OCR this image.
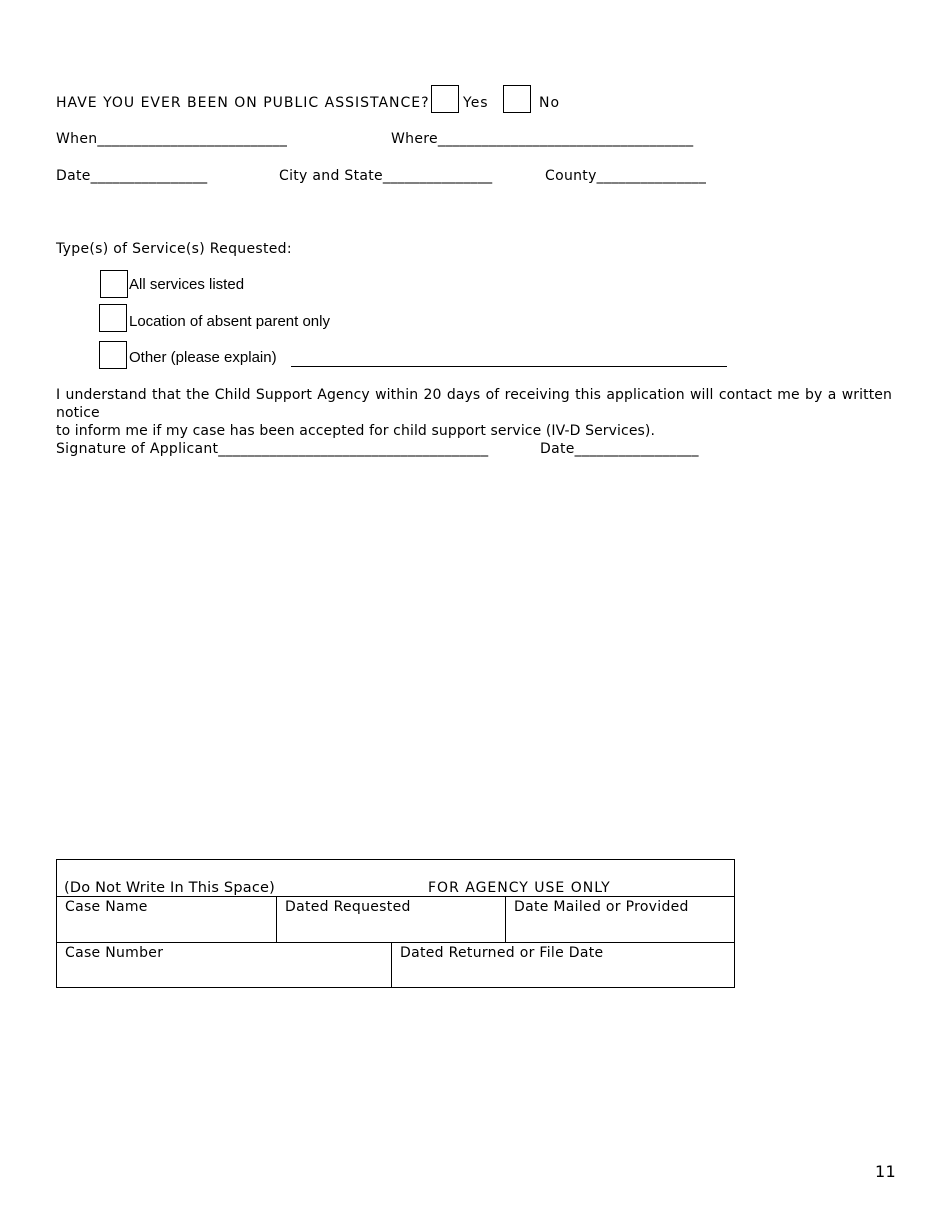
HAVE YOU EVER BEEN ON PUBLIC ASSISTANCE? Yes	No
When__________________________	Where___________________________________
Date________________	City and State_______________	County_______________
Type(s) of Service(s) Requested:
All services listed
Location of absent parent only
Other (please explain)
I understand that the Child Support Agency within 20 days of receiving this application will contact me by a written notice
to inform me if my case has been accepted for child support service (IV-D Services).
Signature of Applicant_____________________________________	Date_________________
(Do Not Write In This Space)	FOR AGENCY USE ONLY
Case Name	Dated Requested	Date Mailed or Provided
Case Number	Dated Returned or File Date
11
